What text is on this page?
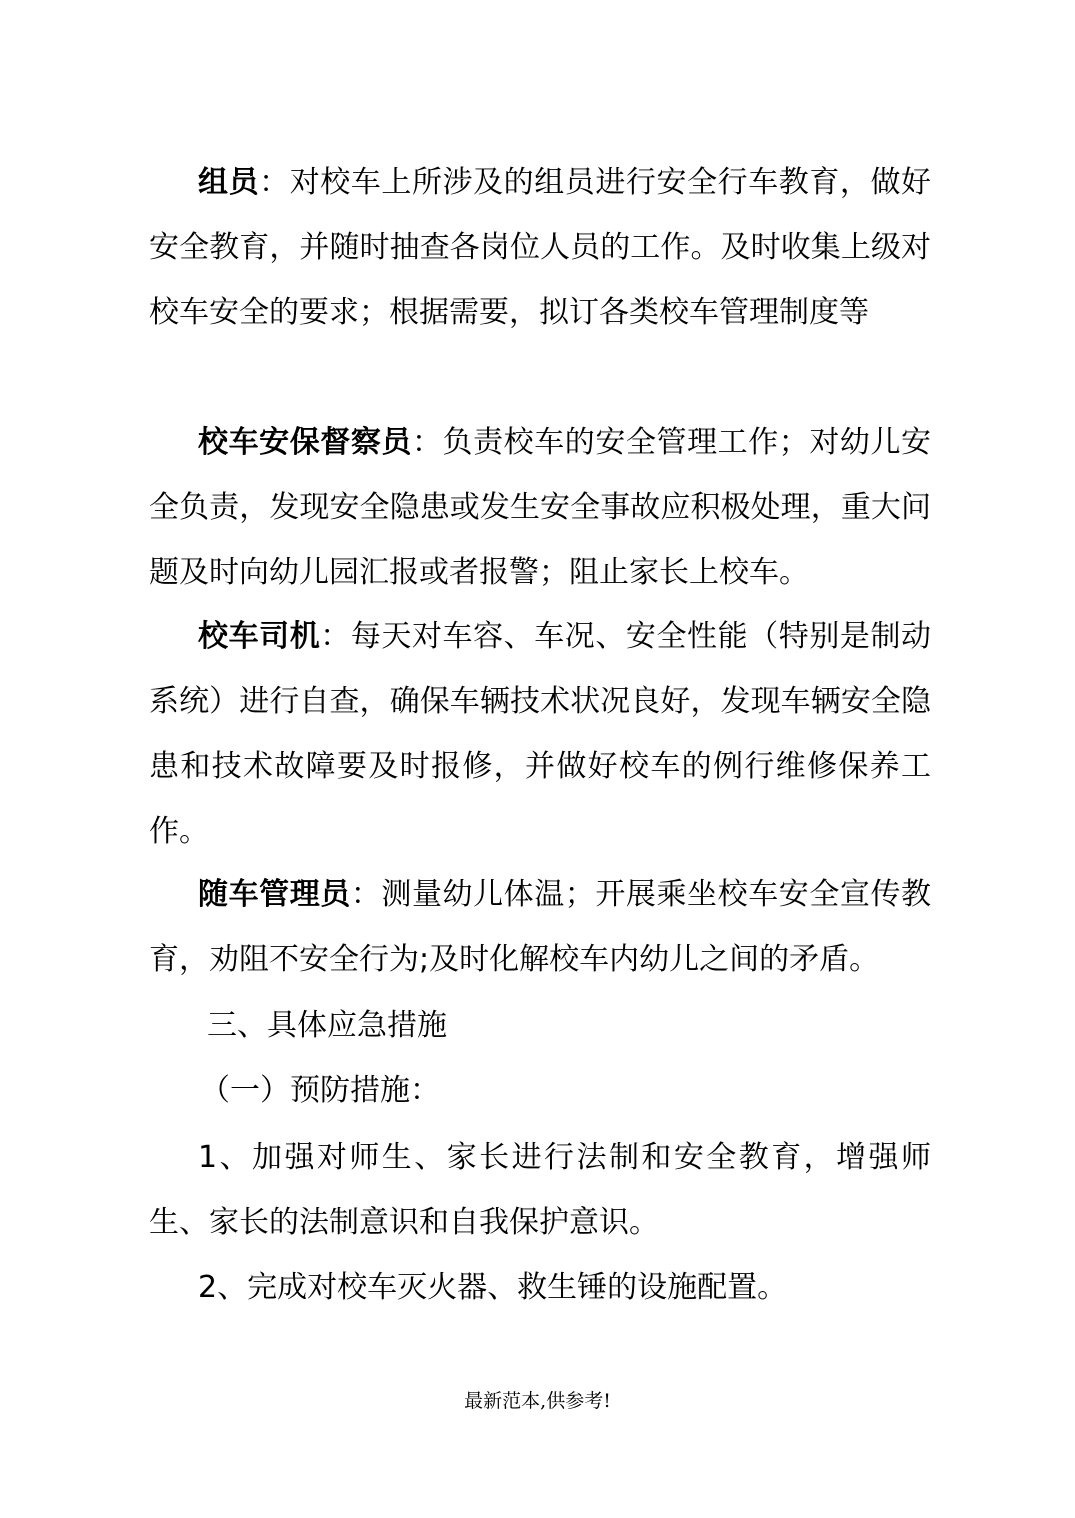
组员：对校车上所涉及的组员进行安全行车教育，做好安全教育，并随时抽查各岗位人员的工作。及时收集上级对校车安全的要求；根据需要，拟订各类校车管理制度等

校车安保督察员：负责校车的安全管理工作；对幼儿安全负责，发现安全隐患或发生安全事故应积极处理，重大问题及时向幼儿园汇报或者报警；阻止家长上校车。

校车司机：每天对车容、车况、安全性能（特别是制动系统）进行自查，确保车辆技术状况良好，发现车辆安全隐患和技术故障要及时报修，并做好校车的例行维修保养工作。

随车管理员：测量幼儿体温；开展乘坐校车安全宣传教育，劝阻不安全行为;及时化解校车内幼儿之间的矛盾。

三、具体应急措施

（一）预防措施：

1、加强对师生、家长进行法制和安全教育，增强师生、家长的法制意识和自我保护意识。

2、完成对校车灭火器、救生锤的设施配置。

最新范本,供参考!
